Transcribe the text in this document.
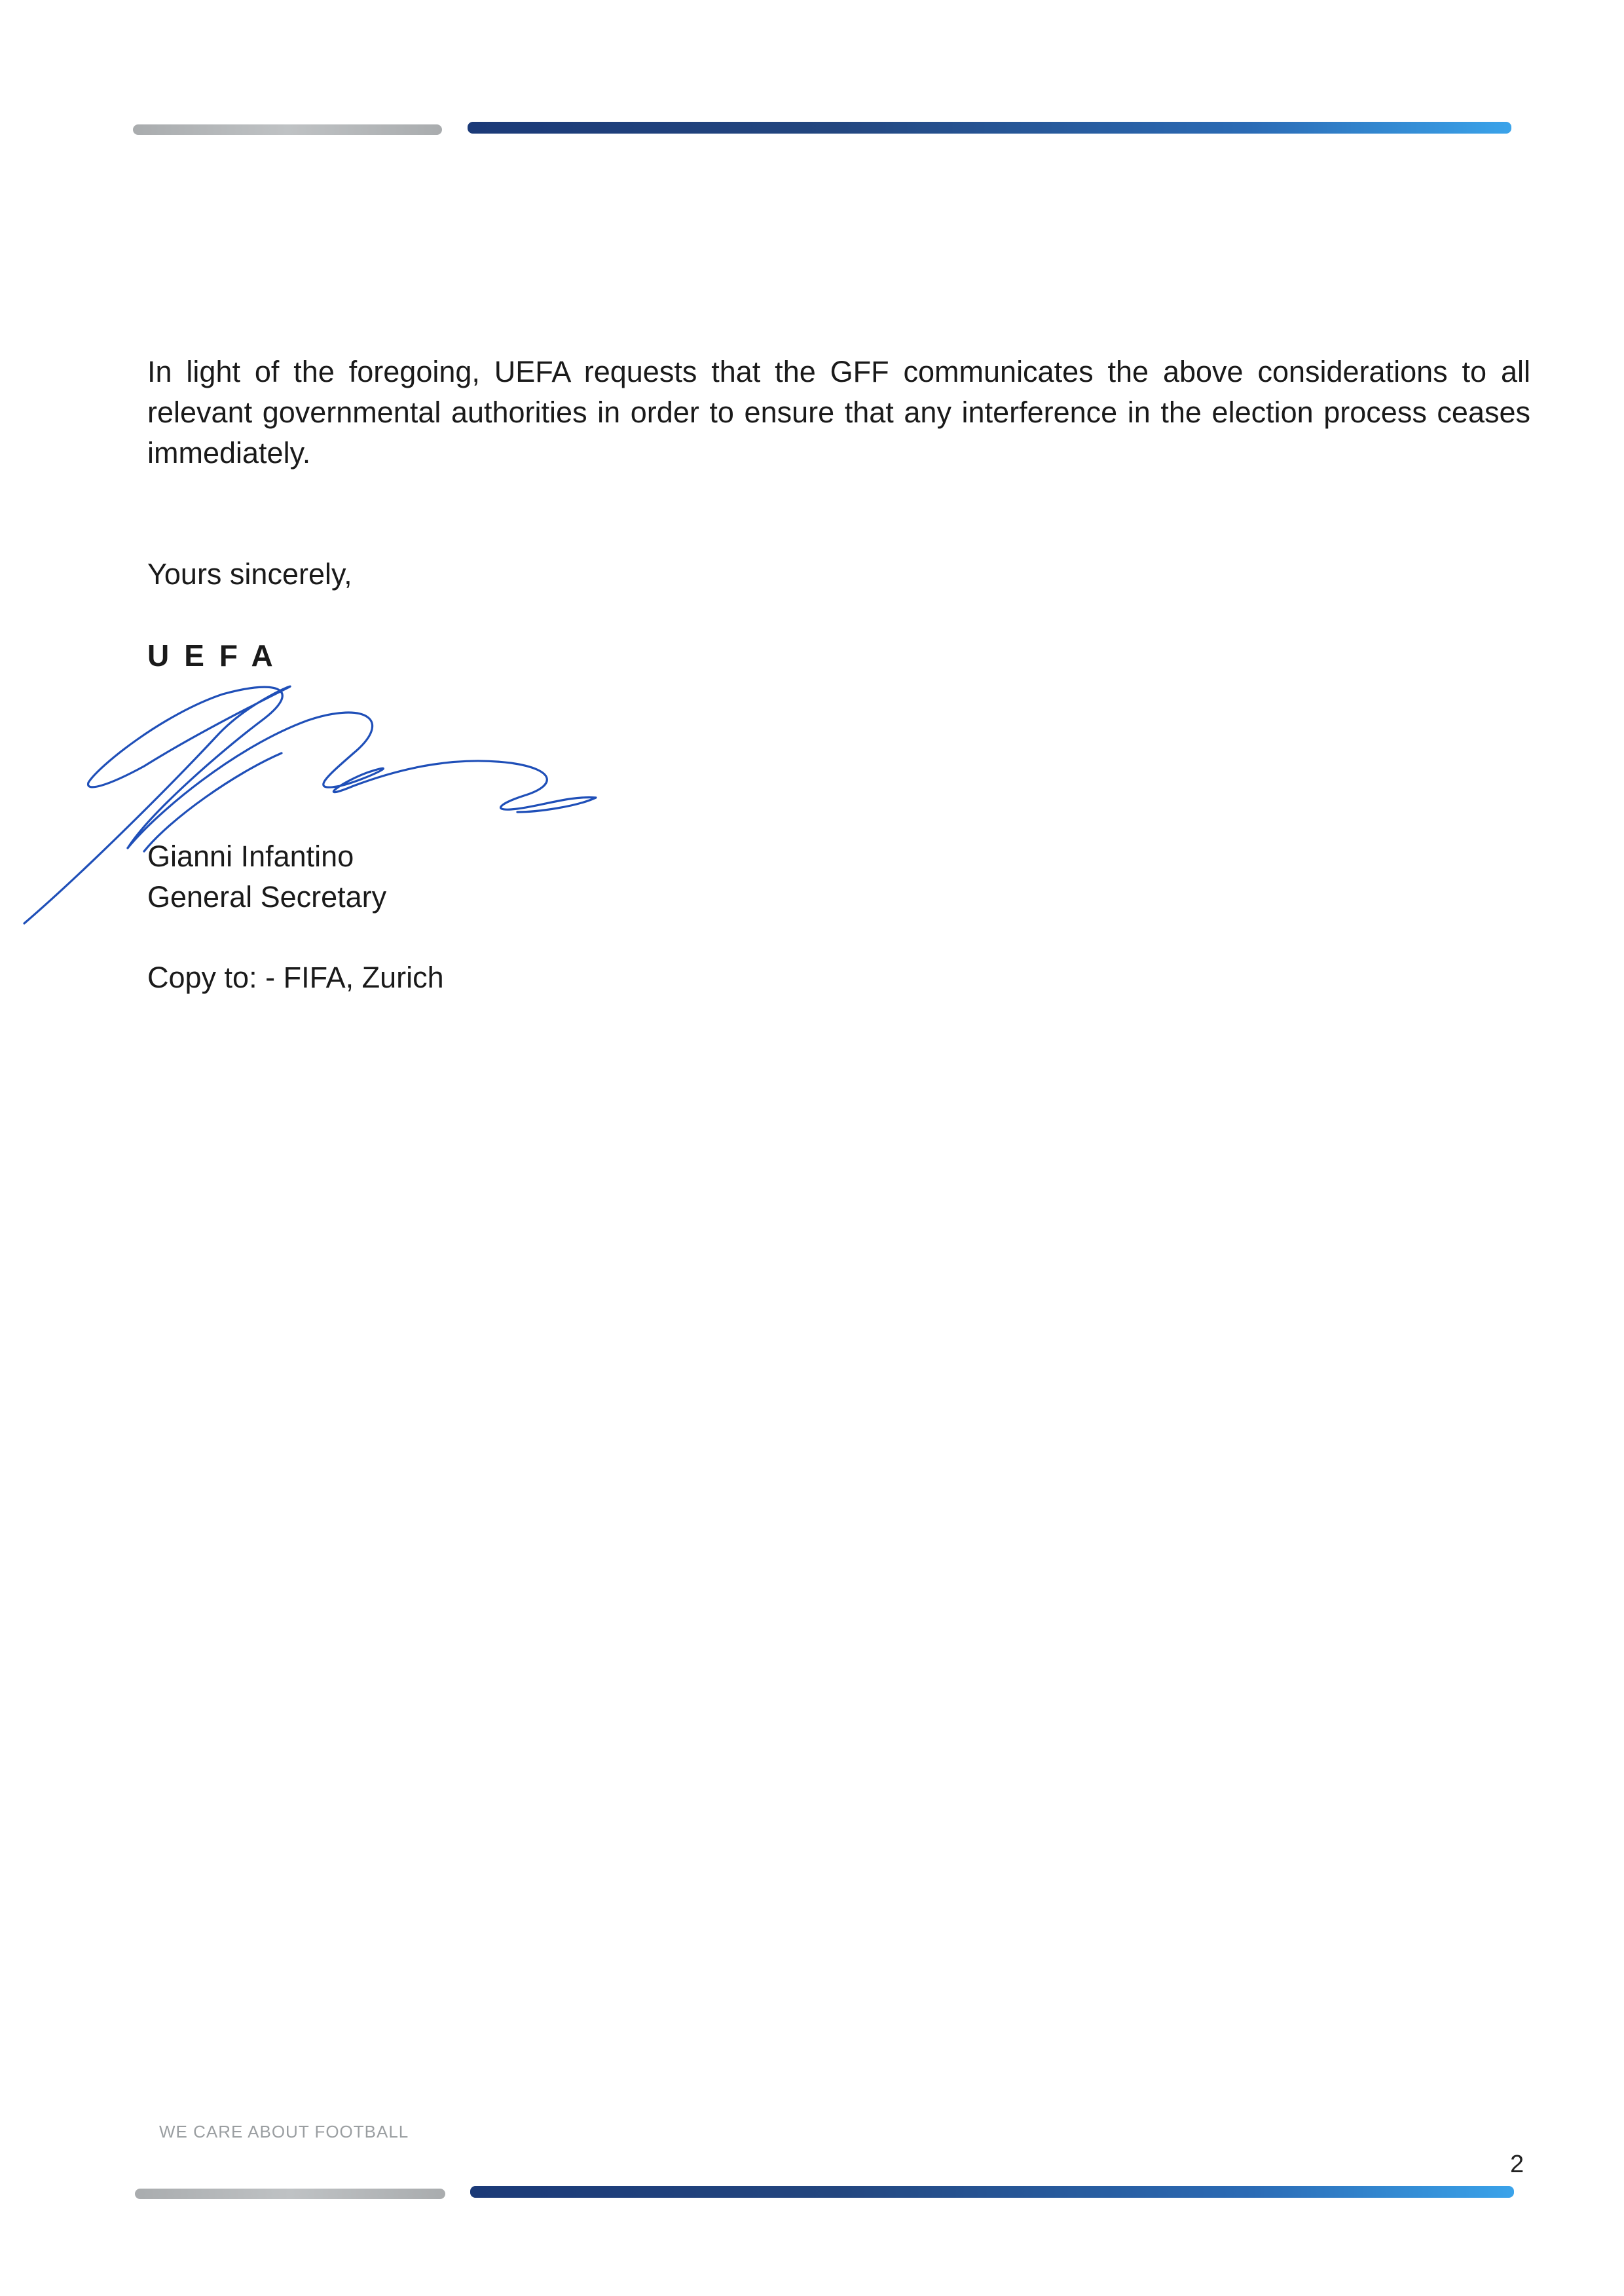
In light of the foregoing, UEFA requests that the GFF communicates the above considerations to all relevant governmental authorities in order to ensure that any interference in the election process ceases immediately.
Yours sincerely,
UEFA
Gianni Infantino
General Secretary
Copy to: - FIFA, Zurich
WE CARE ABOUT FOOTBALL
2
